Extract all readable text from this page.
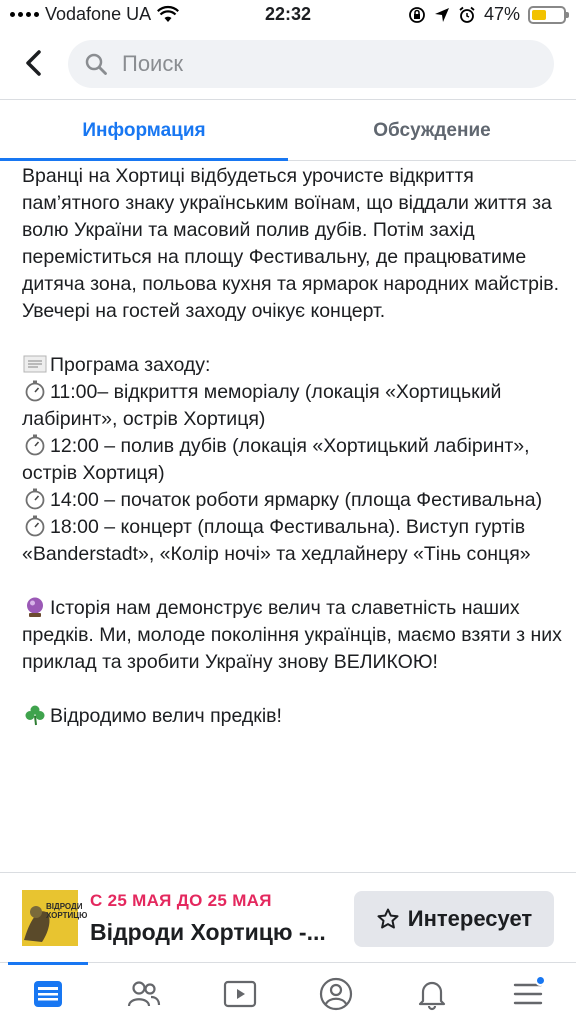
Vodafone UA	22:32	47%
Поиск
Информация	Обсуждение

Вранці на Хортиці відбудеться урочисте відкриття пам’ятного знаку українським воїнам, що віддали життя за волю України та масовий полив дубів. Потім захід переміститься на площу Фестивальну, де працюватиме дитяча зона, польова кухня та ярмарок народних майстрів. Увечері на гостей заходу очікує концерт.

Програма заходу:

11:00– відкриття меморіалу (локація «Хортицький лабіринт», острів Хортиця)

12:00 – полив дубів (локація «Хортицький лабіринт», острів Хортиця)

14:00 – початок роботи ярмарку (площа Фестивальна)

18:00 – концерт (площа Фестивальна). Виступ гуртів «Banderstadt», «Колір ночі» та хедлайнеру «Тінь сонця»

Історія нам демонструє велич та славетність наших предків. Ми, молоде покоління українців, маємо взяти з них приклад та зробити Україну знову ВЕЛИКОЮ!

Відродимо велич предків!

ВІДРОДИ ХОРТИЦЮ
С 25 МАЯ ДО 25 МАЯ
Відроди Хортицю -...
Интересует
